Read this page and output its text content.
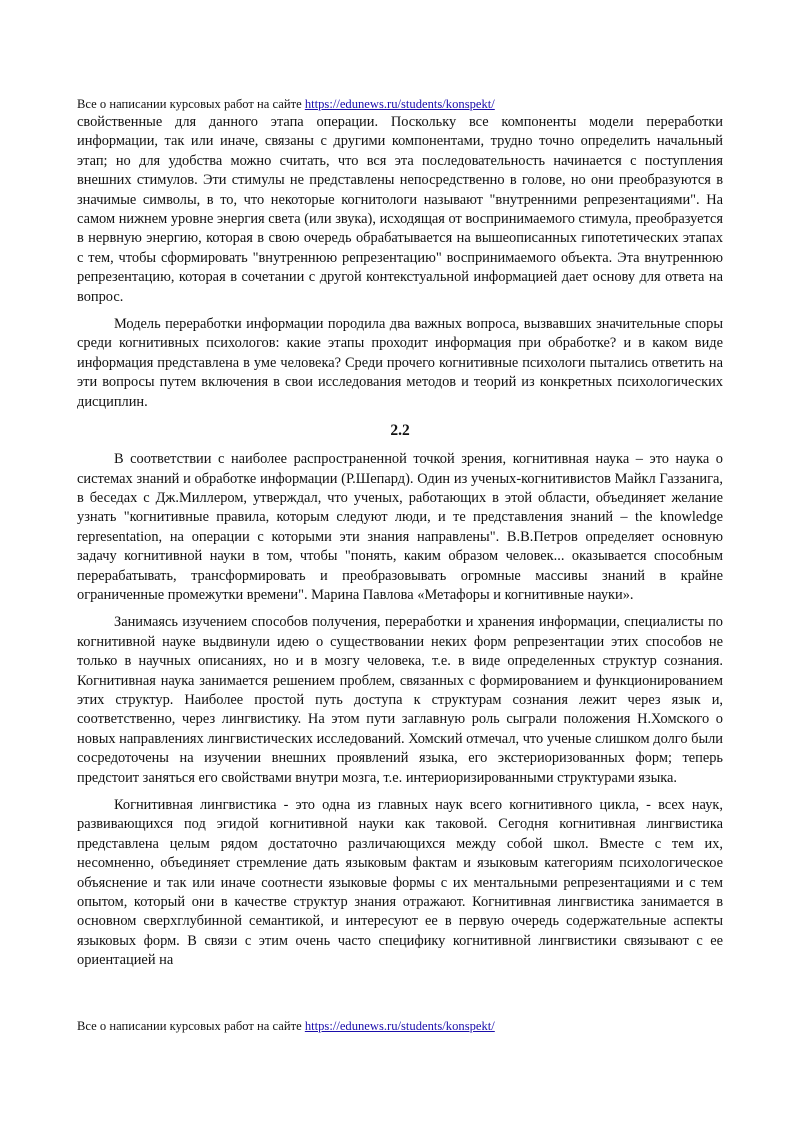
Все о написании курсовых работ на сайте https://edunews.ru/students/konspekt/

свойственные для данного этапа операции. Поскольку все компоненты модели переработки информации, так или иначе, связаны с другими компонентами, трудно точно определить начальный этап; но для удобства можно считать, что вся эта последовательность начинается с поступления внешних стимулов. Эти стимулы не представлены непосредственно в голове, но они преобразуются в значимые символы, в то, что некоторые когнитологи называют "внутренними репрезентациями". На самом нижнем уровне энергия света (или звука), исходящая от воспринимаемого стимула, преобразуется в нервную энергию, которая в свою очередь обрабатывается на вышеописанных гипотетических этапах с тем, чтобы сформировать "внутреннюю репрезентацию" воспринимаемого объекта. Эта внутреннюю репрезентацию, которая в сочетании с другой контекстуальной информацией дает основу для ответа на вопрос.

Модель переработки информации породила два важных вопроса, вызвавших значительные споры среди когнитивных психологов: какие этапы проходит информация при обработке? и в каком виде информация представлена в уме человека? Среди прочего когнитивные психологи пытались ответить на эти вопросы путем включения в свои исследования методов и теорий из конкретных психологических дисциплин.

2.2

В соответствии с наиболее распространенной точкой зрения, когнитивная наука – это наука о системах знаний и обработке информации (Р.Шепард). Один из ученых-когнитивистов Майкл Газзанига, в беседах с Дж.Миллером, утверждал, что ученых, работающих в этой области, объединяет желание узнать "когнитивные правила, которым следуют люди, и те представления знаний – the knowledge representation, на операции с которыми эти знания направлены". В.В.Петров определяет основную задачу когнитивной науки в том, чтобы "понять, каким образом человек... оказывается способным перерабатывать, трансформировать и преобразовывать огромные массивы знаний в крайне ограниченные промежутки времени". Марина Павлова «Метафоры и когнитивные науки».

Занимаясь изучением способов получения, переработки и хранения информации, специалисты по когнитивной науке выдвинули идею о существовании неких форм репрезентации этих способов не только в научных описаниях, но и в мозгу человека, т.е. в виде определенных структур сознания. Когнитивная наука занимается решением проблем, связанных с формированием и функционированием этих структур. Наиболее простой путь доступа к структурам сознания лежит через язык и, соответственно, через лингвистику. На этом пути заглавную роль сыграли положения Н.Хомского о новых направлениях лингвистических исследований. Хомский отмечал, что ученые слишком долго были сосредоточены на изучении внешних проявлений языка, его экстериоризованных форм; теперь предстоит заняться его свойствами внутри мозга, т.е. интериоризированными структурами языка.

Когнитивная лингвистика - это одна из главных наук всего когнитивного цикла, - всех наук, развивающихся под эгидой когнитивной науки как таковой. Сегодня когнитивная лингвистика представлена целым рядом достаточно различающихся между собой школ. Вместе с тем их, несомненно, объединяет стремление дать языковым фактам и языковым категориям психологическое объяснение и так или иначе соотнести языковые формы с их ментальными репрезентациями и с тем опытом, который они в качестве структур знания отражают. Когнитивная лингвистика занимается в основном сверхглубинной семантикой, и интересуют ее в первую очередь содержательные аспекты языковых форм. В связи с этим очень часто специфику когнитивной лингвистики связывают с ее ориентацией на

Все о написании курсовых работ на сайте https://edunews.ru/students/konspekt/
